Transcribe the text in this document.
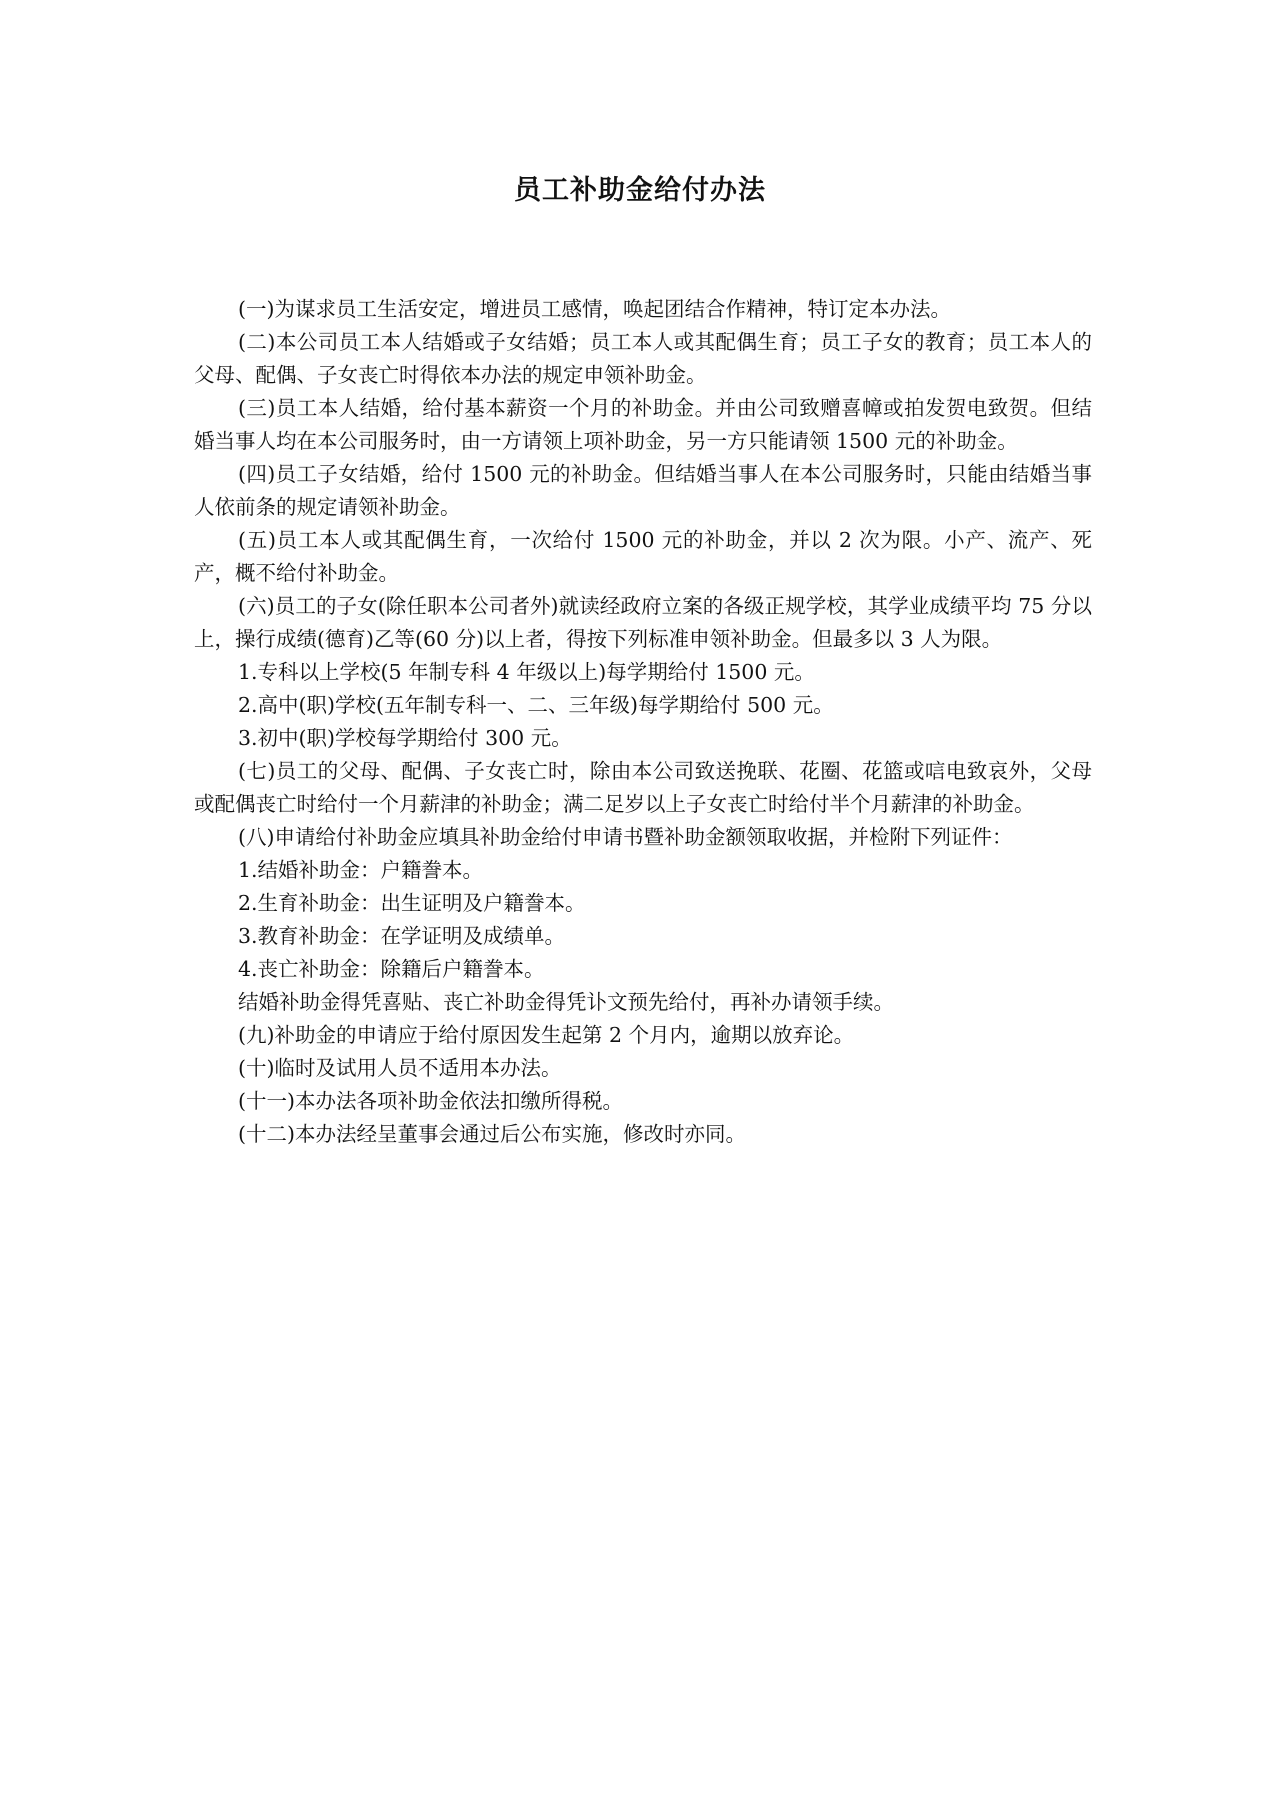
员工补助金给付办法

(一)为谋求员工生活安定，增进员工感情，唤起团结合作精神，特订定本办法。

(二)本公司员工本人结婚或子女结婚；员工本人或其配偶生育；员工子女的教育；员工本人的父母、配偶、子女丧亡时得依本办法的规定申领补助金。

(三)员工本人结婚，给付基本薪资一个月的补助金。并由公司致赠喜幛或拍发贺电致贺。但结婚当事人均在本公司服务时，由一方请领上项补助金，另一方只能请领 1500 元的补助金。

(四)员工子女结婚，给付 1500 元的补助金。但结婚当事人在本公司服务时，只能由结婚当事人依前条的规定请领补助金。

(五)员工本人或其配偶生育，一次给付 1500 元的补助金，并以 2 次为限。小产、流产、死产，概不给付补助金。

(六)员工的子女(除任职本公司者外)就读经政府立案的各级正规学校，其学业成绩平均 75 分以上，操行成绩(德育)乙等(60 分)以上者，得按下列标准申领补助金。但最多以 3 人为限。

1.专科以上学校(5 年制专科 4 年级以上)每学期给付 1500 元。

2.高中(职)学校(五年制专科一、二、三年级)每学期给付 500 元。

3.初中(职)学校每学期给付 300 元。

(七)员工的父母、配偶、子女丧亡时，除由本公司致送挽联、花圈、花篮或唁电致哀外，父母或配偶丧亡时给付一个月薪津的补助金；满二足岁以上子女丧亡时给付半个月薪津的补助金。

(八)申请给付补助金应填具补助金给付申请书暨补助金额领取收据，并检附下列证件：

1.结婚补助金：户籍誊本。

2.生育补助金：出生证明及户籍誊本。

3.教育补助金：在学证明及成绩单。

4.丧亡补助金：除籍后户籍誊本。

结婚补助金得凭喜贴、丧亡补助金得凭讣文预先给付，再补办请领手续。

(九)补助金的申请应于给付原因发生起第 2 个月内，逾期以放弃论。

(十)临时及试用人员不适用本办法。

(十一)本办法各项补助金依法扣缴所得税。

(十二)本办法经呈董事会通过后公布实施，修改时亦同。
